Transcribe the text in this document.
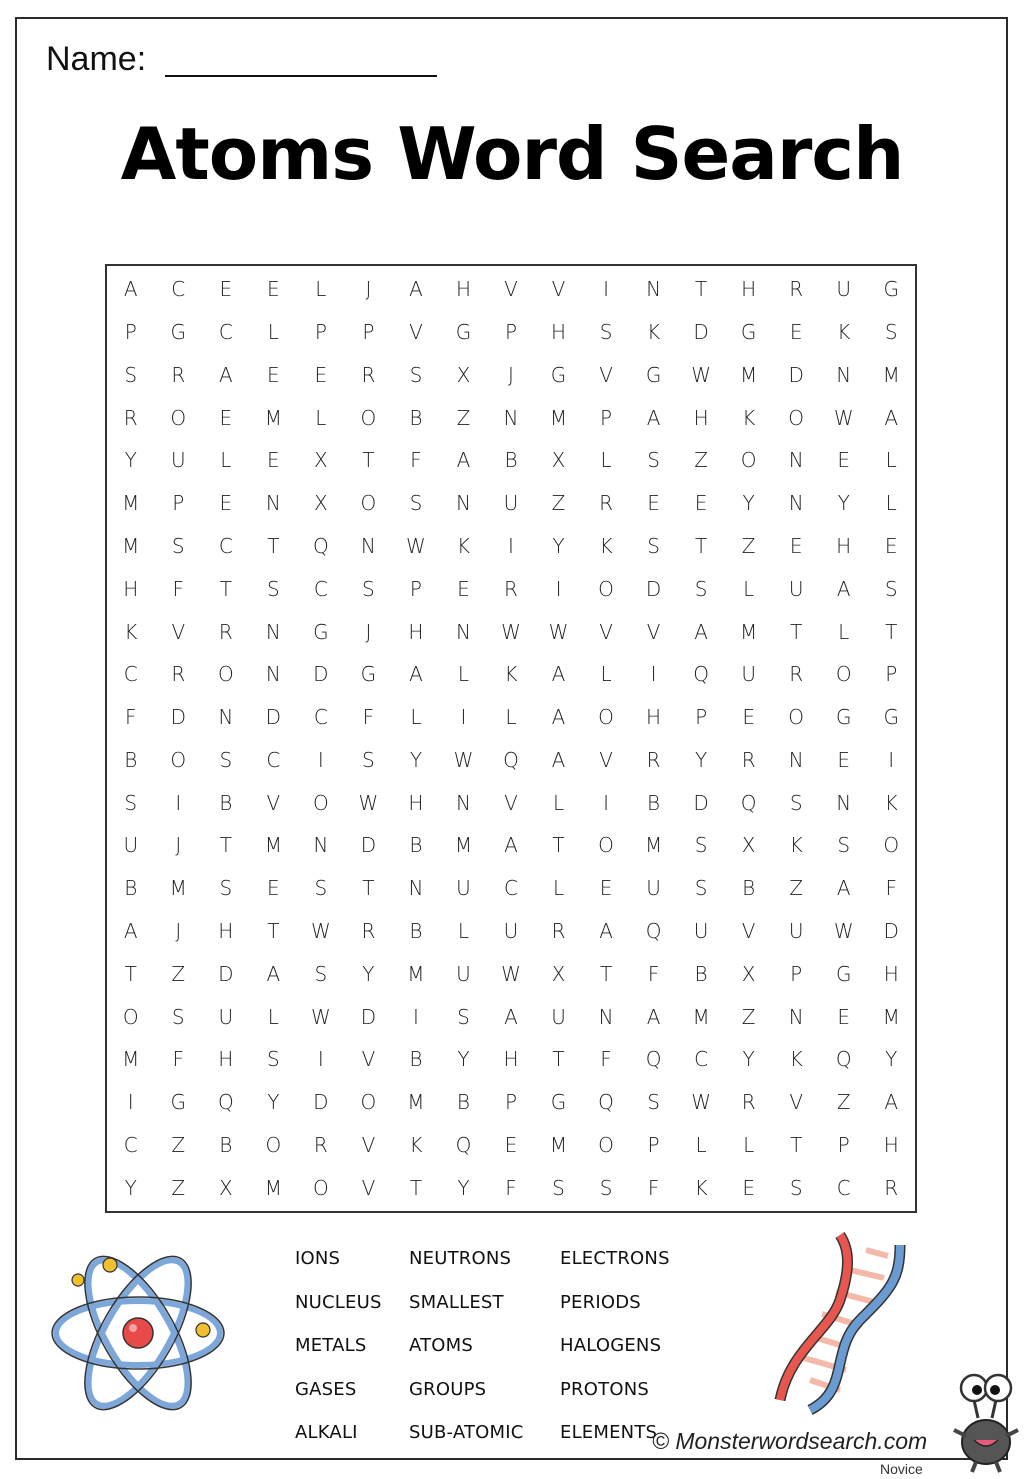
Name:
Atoms Word Search
A	C	E	E	L	J	A	H	V	V	I	N	T	H	R	U	G
P	G	C	L	P	P	V	G	P	H	S	K	D	G	E	K	S
S	R	A	E	E	R	S	X	J	G	V	G	W	M	D	N	M
R	O	E	M	L	O	B	Z	N	M	P	A	H	K	O	W	A
Y	U	L	E	X	T	F	A	B	X	L	S	Z	O	N	E	L
M	P	E	N	X	O	S	N	U	Z	R	E	E	Y	N	Y	L
M	S	C	T	Q	N	W	K	I	Y	K	S	T	Z	E	H	E
H	F	T	S	C	S	P	E	R	I	O	D	S	L	U	A	S
K	V	R	N	G	J	H	N	W	W	V	V	A	M	T	L	T
C	R	O	N	D	G	A	L	K	A	L	I	Q	U	R	O	P
F	D	N	D	C	F	L	I	L	A	O	H	P	E	O	G	G
B	O	S	C	I	S	Y	W	Q	A	V	R	Y	R	N	E	I
S	I	B	V	O	W	H	N	V	L	I	B	D	Q	S	N	K
U	J	T	M	N	D	B	M	A	T	O	M	S	X	K	S	O
B	M	S	E	S	T	N	U	C	L	E	U	S	B	Z	A	F
A	J	H	T	W	R	B	L	U	R	A	Q	U	V	U	W	D
T	Z	D	A	S	Y	M	U	W	X	T	F	B	X	P	G	H
O	S	U	L	W	D	I	S	A	U	N	A	M	Z	N	E	M
M	F	H	S	I	V	B	Y	H	T	F	Q	C	Y	K	Q	Y
I	G	Q	Y	D	O	M	B	P	G	Q	S	W	R	V	Z	A
C	Z	B	O	R	V	K	Q	E	M	O	P	L	L	T	P	H
Y	Z	X	M	O	V	T	Y	F	S	S	F	K	E	S	C	R
IONS
NUCLEUS
METALS
GASES
ALKALI
NEUTRONS
SMALLEST
ATOMS
GROUPS
SUB-ATOMIC
ELECTRONS
PERIODS
HALOGENS
PROTONS
ELEMENTS
© Monsterwordsearch.com
Novice
